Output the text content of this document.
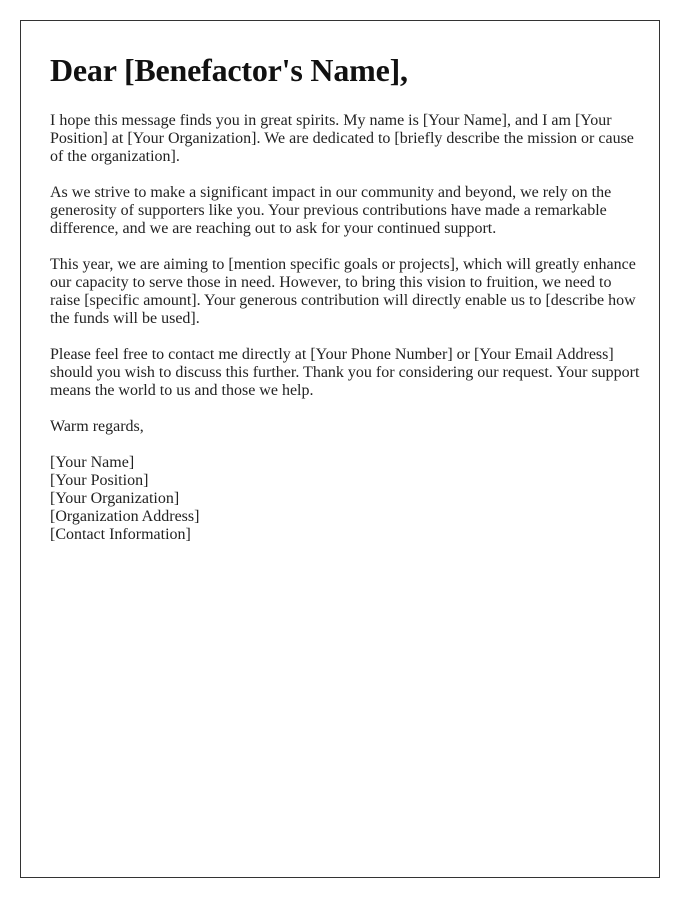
Dear [Benefactor's Name],

I hope this message finds you in great spirits. My name is [Your Name], and I am [Your Position] at [Your Organization]. We are dedicated to [briefly describe the mission or cause of the organization].

As we strive to make a significant impact in our community and beyond, we rely on the generosity of supporters like you. Your previous contributions have made a remarkable difference, and we are reaching out to ask for your continued support.

This year, we are aiming to [mention specific goals or projects], which will greatly enhance our capacity to serve those in need. However, to bring this vision to fruition, we need to raise [specific amount]. Your generous contribution will directly enable us to [describe how the funds will be used].

Please feel free to contact me directly at [Your Phone Number] or [Your Email Address] should you wish to discuss this further. Thank you for considering our request. Your support means the world to us and those we help.

Warm regards,

[Your Name]
[Your Position]
[Your Organization]
[Organization Address]
[Contact Information]
